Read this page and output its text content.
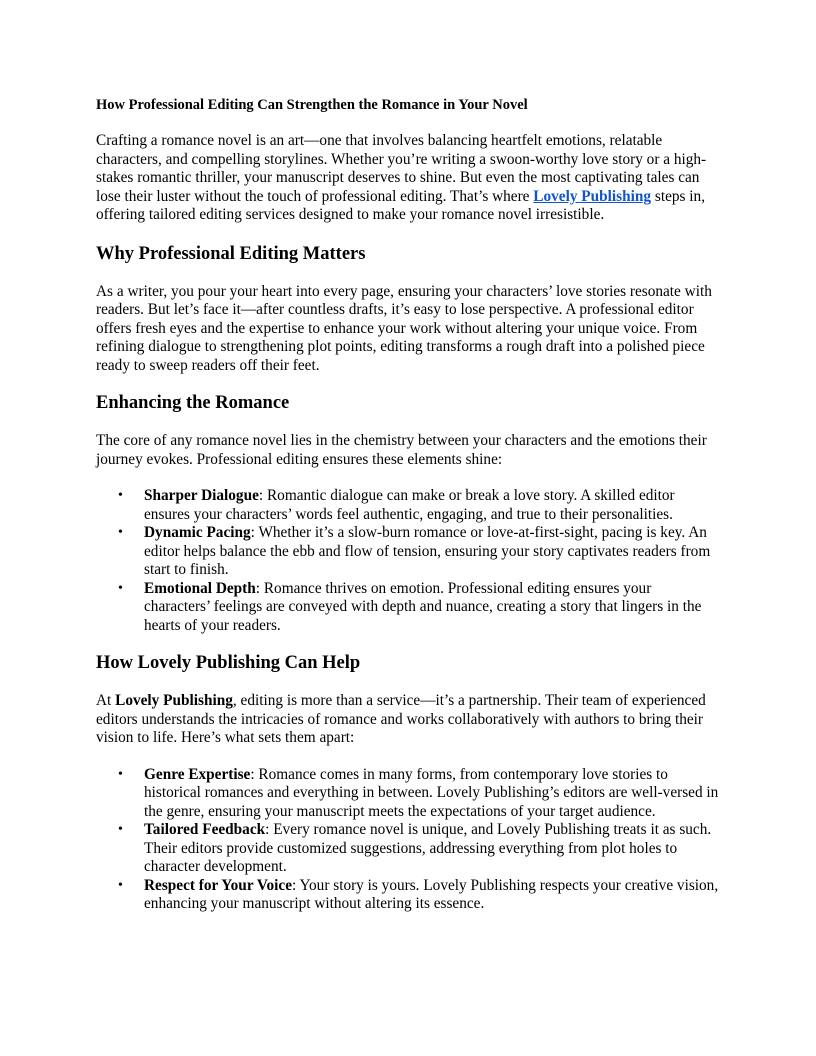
How Professional Editing Can Strengthen the Romance in Your Novel

Crafting a romance novel is an art—one that involves balancing heartfelt emotions, relatable characters, and compelling storylines. Whether you’re writing a swoon-worthy love story or a high-stakes romantic thriller, your manuscript deserves to shine. But even the most captivating tales can lose their luster without the touch of professional editing. That’s where Lovely Publishing steps in, offering tailored editing services designed to make your romance novel irresistible.

Why Professional Editing Matters

As a writer, you pour your heart into every page, ensuring your characters’ love stories resonate with readers. But let’s face it—after countless drafts, it’s easy to lose perspective. A professional editor offers fresh eyes and the expertise to enhance your work without altering your unique voice. From refining dialogue to strengthening plot points, editing transforms a rough draft into a polished piece ready to sweep readers off their feet.

Enhancing the Romance

The core of any romance novel lies in the chemistry between your characters and the emotions their journey evokes. Professional editing ensures these elements shine:

• Sharper Dialogue: Romantic dialogue can make or break a love story. A skilled editor ensures your characters’ words feel authentic, engaging, and true to their personalities.
• Dynamic Pacing: Whether it’s a slow-burn romance or love-at-first-sight, pacing is key. An editor helps balance the ebb and flow of tension, ensuring your story captivates readers from start to finish.
• Emotional Depth: Romance thrives on emotion. Professional editing ensures your characters’ feelings are conveyed with depth and nuance, creating a story that lingers in the hearts of your readers.
How Lovely Publishing Can Help

At Lovely Publishing, editing is more than a service—it’s a partnership. Their team of experienced editors understands the intricacies of romance and works collaboratively with authors to bring their vision to life. Here’s what sets them apart:

• Genre Expertise: Romance comes in many forms, from contemporary love stories to historical romances and everything in between. Lovely Publishing’s editors are well-versed in the genre, ensuring your manuscript meets the expectations of your target audience.
• Tailored Feedback: Every romance novel is unique, and Lovely Publishing treats it as such. Their editors provide customized suggestions, addressing everything from plot holes to character development.
• Respect for Your Voice: Your story is yours. Lovely Publishing respects your creative vision, enhancing your manuscript without altering its essence.
